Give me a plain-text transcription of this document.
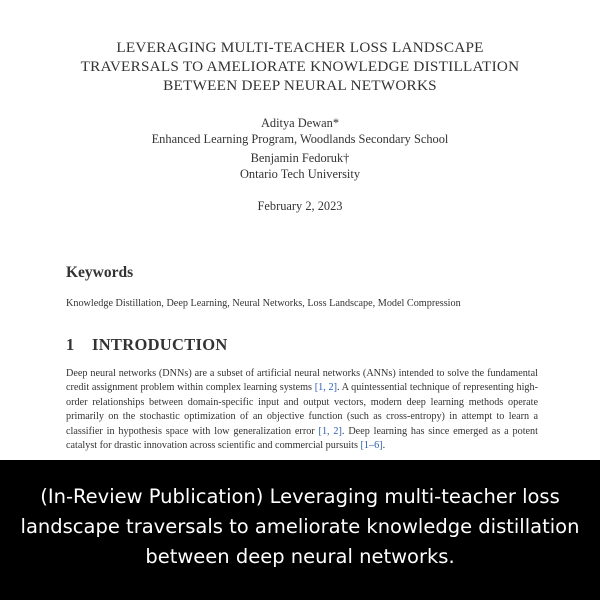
LEVERAGING MULTI-TEACHER LOSS LANDSCAPE
TRAVERSALS TO AMELIORATE KNOWLEDGE DISTILLATION
BETWEEN DEEP NEURAL NETWORKS
Aditya Dewan*
Enhanced Learning Program, Woodlands Secondary School
Benjamin Fedoruk†
Ontario Tech University
February 2, 2023
Keywords
Knowledge Distillation, Deep Learning, Neural Networks, Loss Landscape, Model Compression
1 INTRODUCTION
Deep neural networks (DNNs) are a subset of artificial neural networks (ANNs) intended to solve the fundamental credit assignment problem within complex learning systems [1, 2]. A quintessential technique of representing high-order relationships between domain-specific input and output vectors, modern deep learning methods operate primarily on the stochastic optimization of an objective function (such as cross-entropy) in attempt to learn a classifier in hypothesis space with low generalization error [1, 2]. Deep learning has since emerged as a potent catalyst for drastic innovation across scientific and commercial pursuits [1–6].
(In-Review Publication) Leveraging multi-teacher loss landscape traversals to ameliorate knowledge distillation between deep neural networks.
